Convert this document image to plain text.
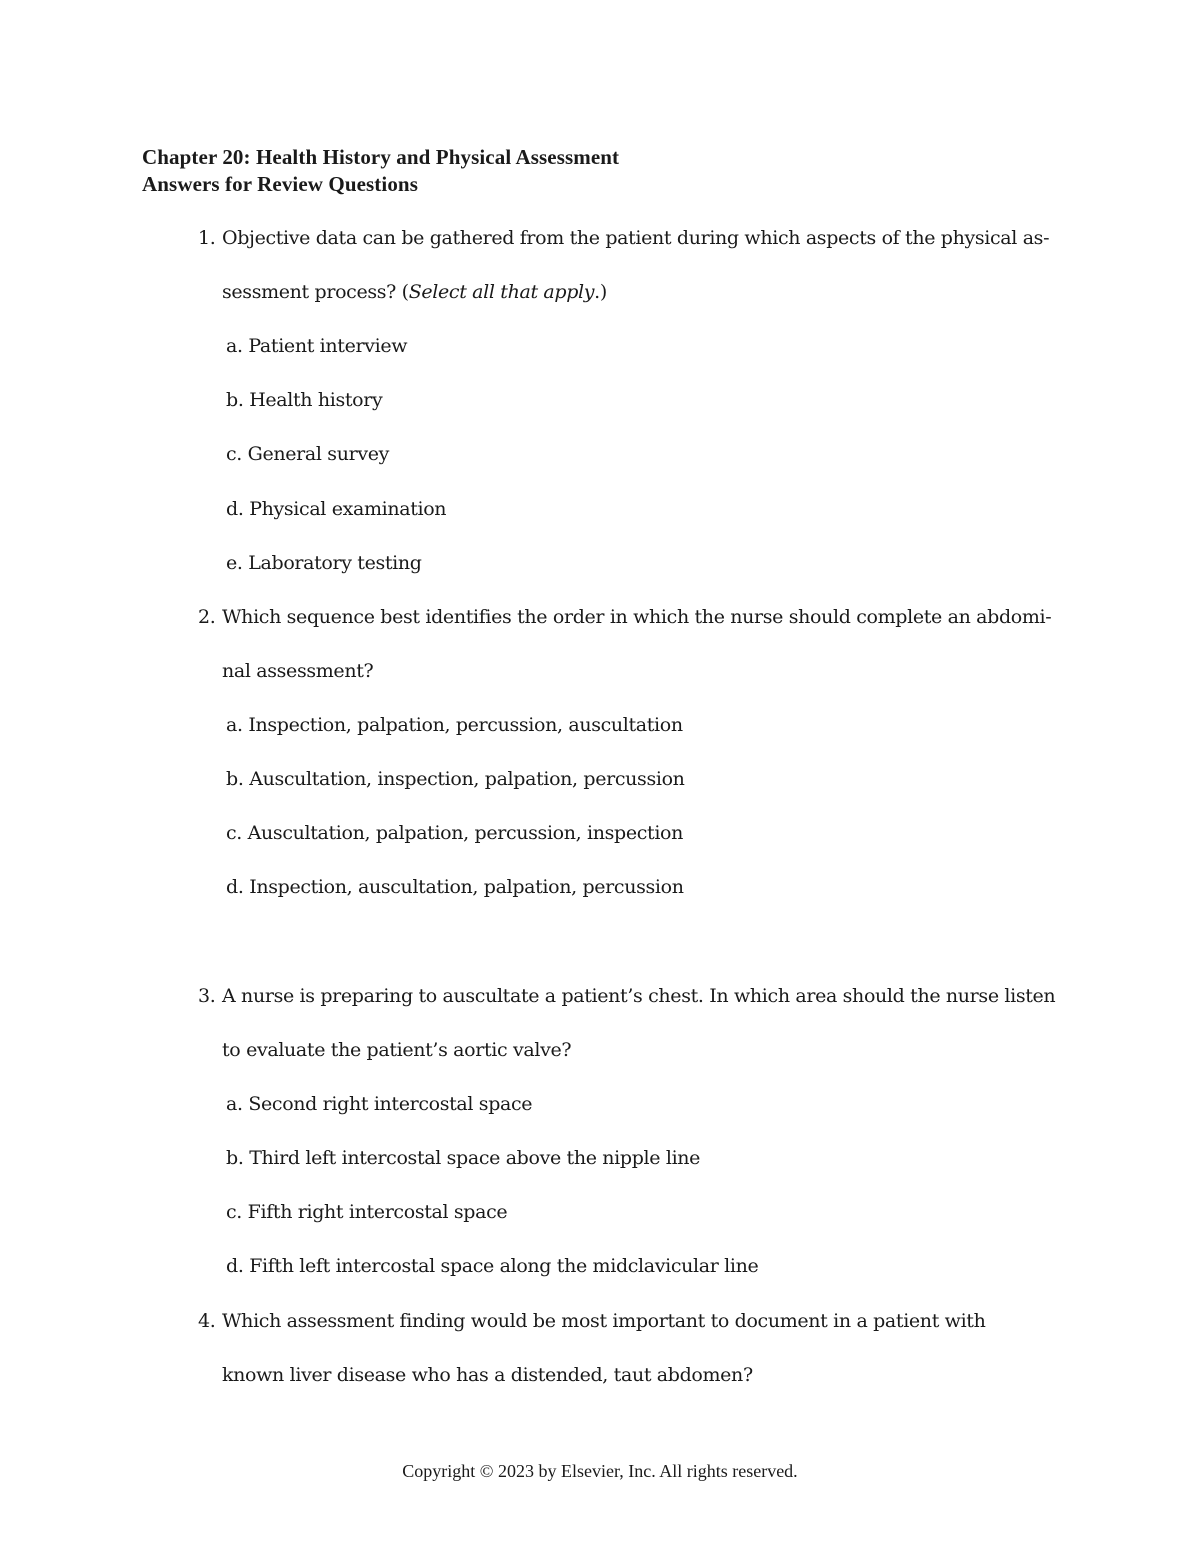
Chapter 20: Health History and Physical Assessment
Answers for Review Questions
1. Objective data can be gathered from the patient during which aspects of the physical as-
sessment process? (Select all that apply.)
a. Patient interview
b. Health history
c. General survey
d. Physical examination
e. Laboratory testing
2. Which sequence best identifies the order in which the nurse should complete an abdomi-
nal assessment?
a. Inspection, palpation, percussion, auscultation
b. Auscultation, inspection, palpation, percussion
c. Auscultation, palpation, percussion, inspection
d. Inspection, auscultation, palpation, percussion
3. A nurse is preparing to auscultate a patient’s chest. In which area should the nurse listen
to evaluate the patient’s aortic valve?
a. Second right intercostal space
b. Third left intercostal space above the nipple line
c. Fifth right intercostal space
d. Fifth left intercostal space along the midclavicular line
4. Which assessment finding would be most important to document in a patient with
known liver disease who has a distended, taut abdomen?
Copyright © 2023 by Elsevier, Inc. All rights reserved.
